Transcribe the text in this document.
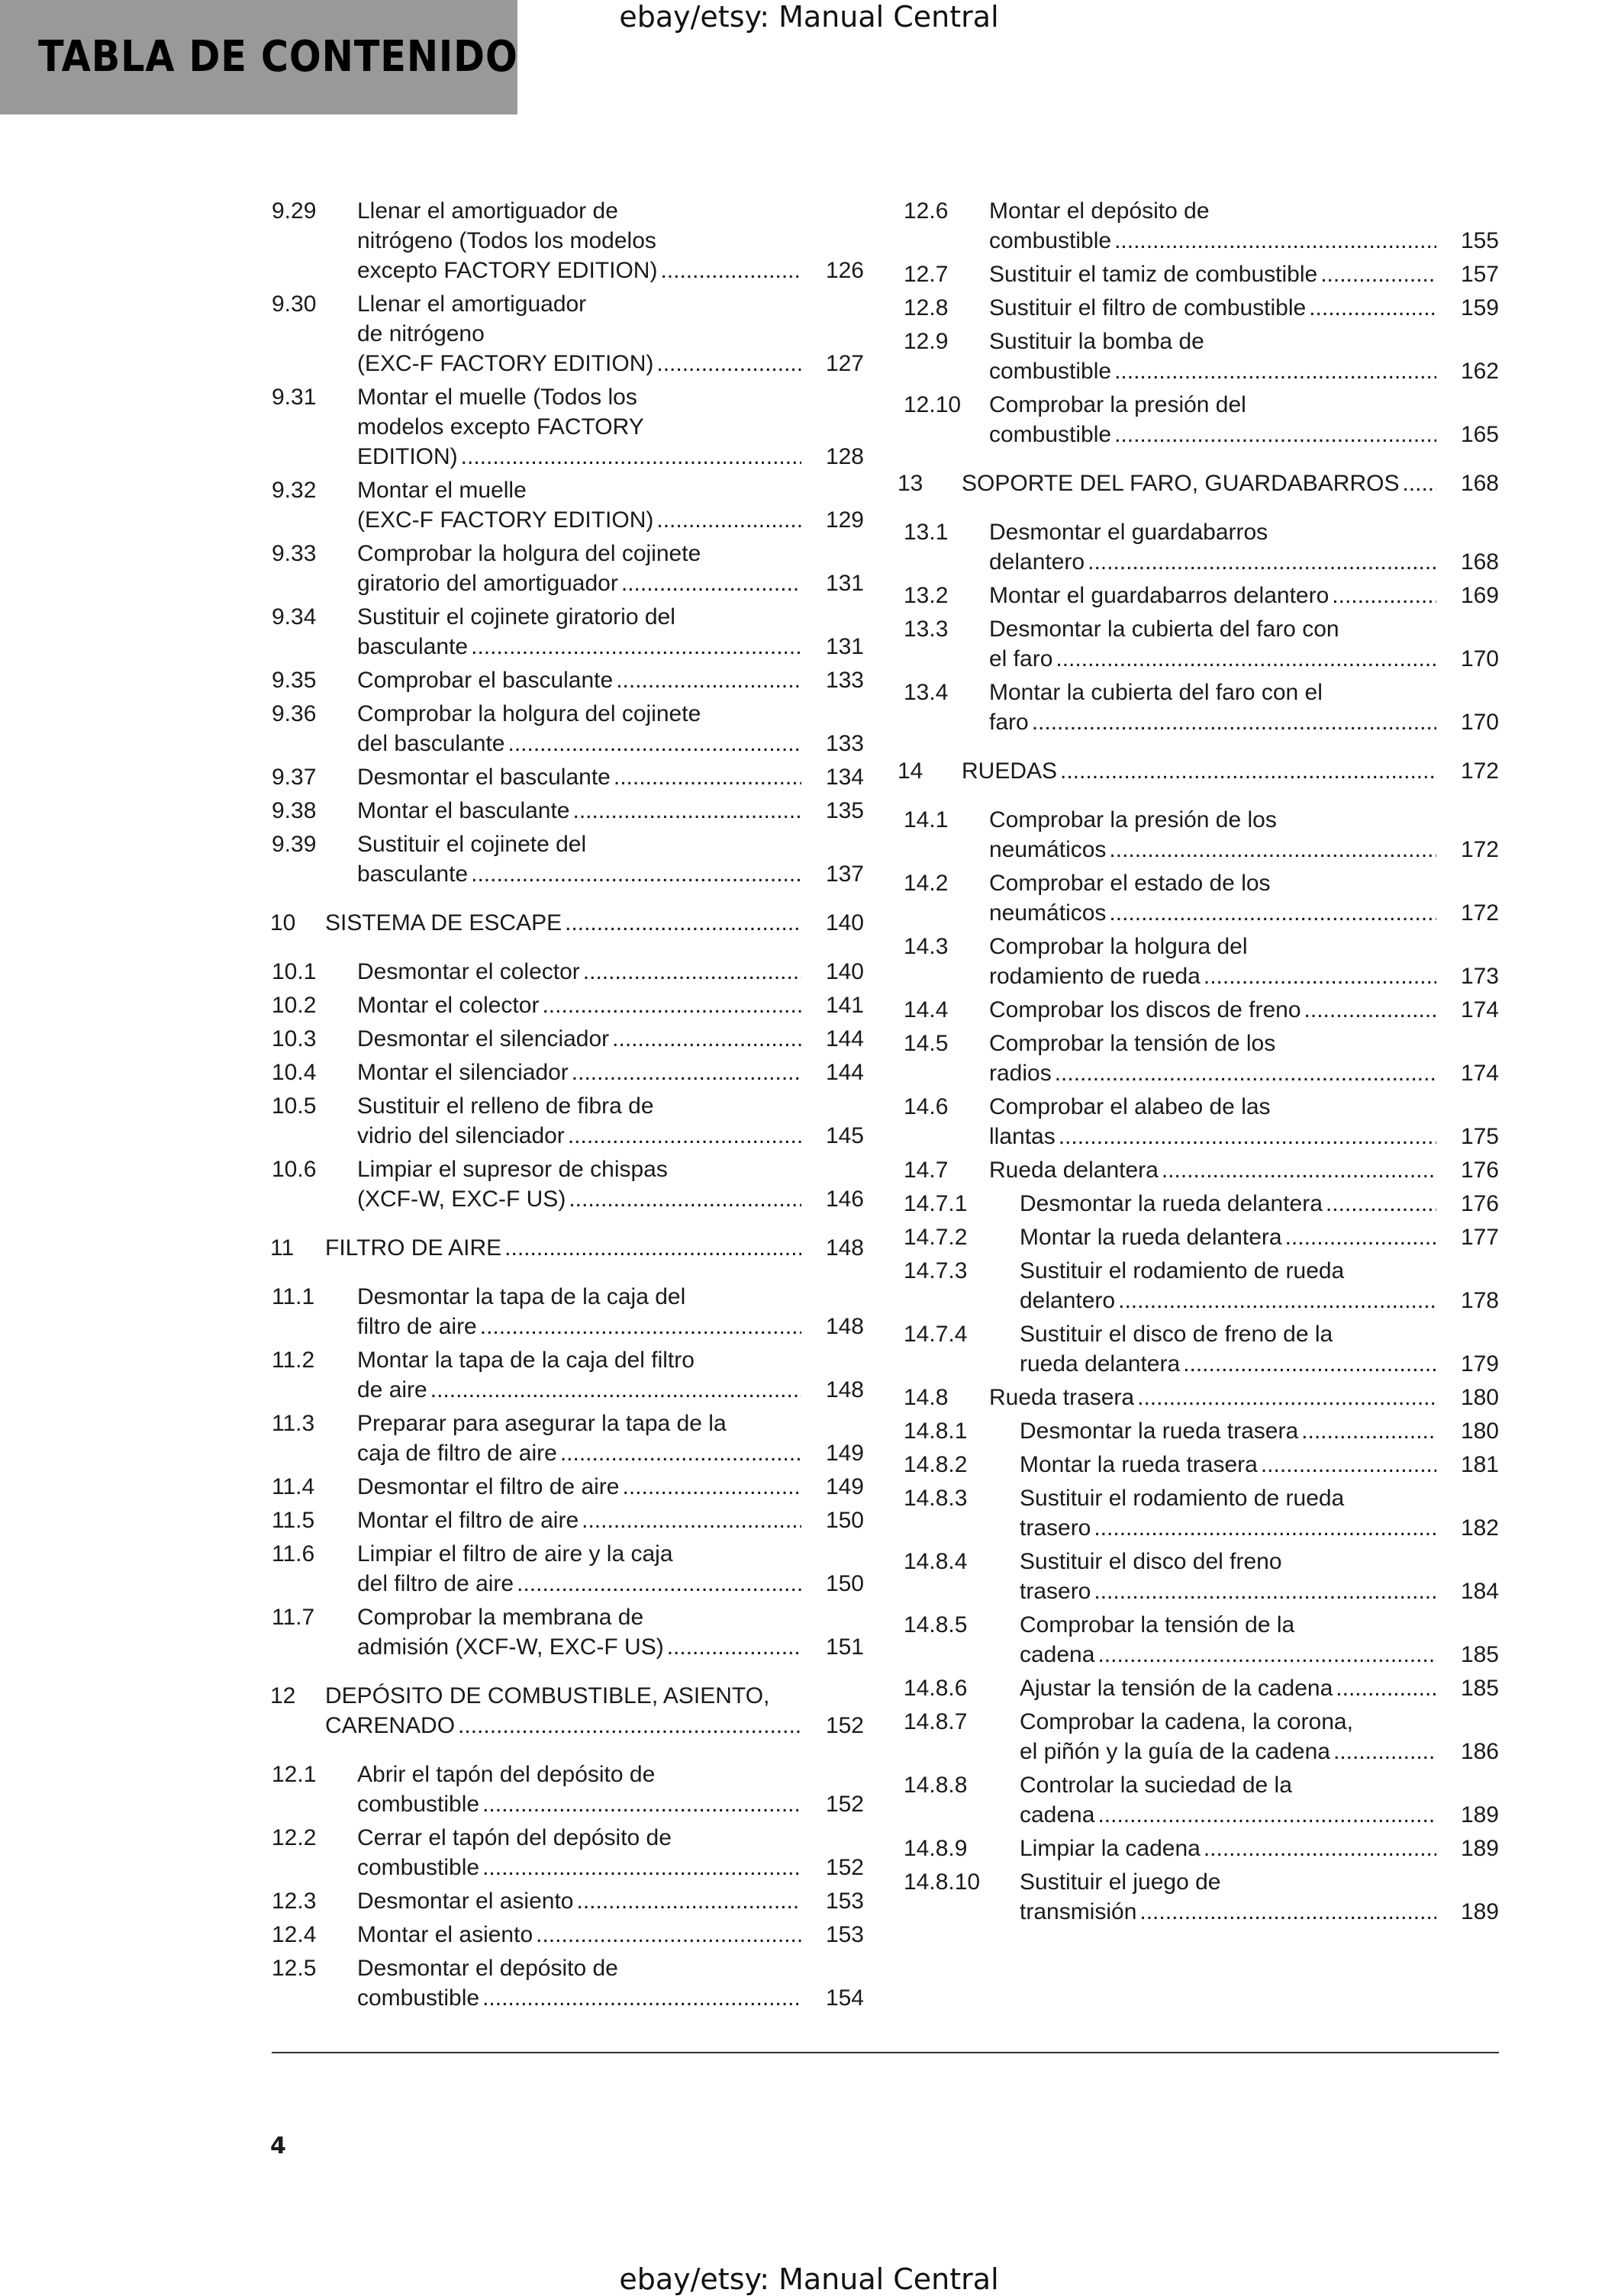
TABLA DE CONTENIDO
ebay/etsy: Manual Central
9.29 Llenar el amortiguador de
nitrógeno (Todos los modelos
excepto FACTORY EDITION) .....	126
9.30 Llenar el amortiguador
de nitrógeno
(EXC-F FACTORY EDITION) .....	127
9.31 Montar el muelle (Todos los
modelos excepto FACTORY
EDITION) .....	128
9.32 Montar el muelle
(EXC-F FACTORY EDITION) .....	129
9.33 Comprobar la holgura del cojinete
giratorio del amortiguador .....	131
9.34 Sustituir el cojinete giratorio del
basculante .....	131
9.35 Comprobar el basculante .....	133
9.36 Comprobar la holgura del cojinete
del basculante .....	133
9.37 Desmontar el basculante .....	134
9.38 Montar el basculante .....	135
9.39 Sustituir el cojinete del
basculante .....	137
10 SISTEMA DE ESCAPE .....	140
10.1 Desmontar el colector .....	140
10.2 Montar el colector .....	141
10.3 Desmontar el silenciador .....	144
10.4 Montar el silenciador .....	144
10.5 Sustituir el relleno de fibra de
vidrio del silenciador .....	145
10.6 Limpiar el supresor de chispas
(XCF-W, EXC-F US) .....	146
11 FILTRO DE AIRE .....	148
11.1 Desmontar la tapa de la caja del
filtro de aire .....	148
11.2 Montar la tapa de la caja del filtro
de aire .....	148
11.3 Preparar para asegurar la tapa de la
caja de filtro de aire .....	149
11.4 Desmontar el filtro de aire .....	149
11.5 Montar el filtro de aire .....	150
11.6 Limpiar el filtro de aire y la caja
del filtro de aire .....	150
11.7 Comprobar la membrana de
admisión (XCF-W, EXC-F US) .....	151
12 DEPÓSITO DE COMBUSTIBLE, ASIENTO,
CARENADO .....	152
12.1 Abrir el tapón del depósito de
combustible .....	152
12.2 Cerrar el tapón del depósito de
combustible .....	152
12.3 Desmontar el asiento .....	153
12.4 Montar el asiento .....	153
12.5 Desmontar el depósito de
combustible .....	154
12.6 Montar el depósito de
combustible .....	155
12.7 Sustituir el tamiz de combustible .....	157
12.8 Sustituir el filtro de combustible .....	159
12.9 Sustituir la bomba de
combustible .....	162
12.10 Comprobar la presión del
combustible .....	165
13 SOPORTE DEL FARO, GUARDABARROS .....	168
13.1 Desmontar el guardabarros
delantero .....	168
13.2 Montar el guardabarros delantero .....	169
13.3 Desmontar la cubierta del faro con
el faro .....	170
13.4 Montar la cubierta del faro con el
faro .....	170
14 RUEDAS .....	172
14.1 Comprobar la presión de los
neumáticos .....	172
14.2 Comprobar el estado de los
neumáticos .....	172
14.3 Comprobar la holgura del
rodamiento de rueda .....	173
14.4 Comprobar los discos de freno .....	174
14.5 Comprobar la tensión de los
radios .....	174
14.6 Comprobar el alabeo de las
llantas .....	175
14.7 Rueda delantera .....	176
14.7.1 Desmontar la rueda delantera .....	176
14.7.2 Montar la rueda delantera .....	177
14.7.3 Sustituir el rodamiento de rueda
delantero .....	178
14.7.4 Sustituir el disco de freno de la
rueda delantera .....	179
14.8 Rueda trasera .....	180
14.8.1 Desmontar la rueda trasera .....	180
14.8.2 Montar la rueda trasera .....	181
14.8.3 Sustituir el rodamiento de rueda
trasero .....	182
14.8.4 Sustituir el disco del freno
trasero .....	184
14.8.5 Comprobar la tensión de la
cadena .....	185
14.8.6 Ajustar la tensión de la cadena .....	185
14.8.7 Comprobar la cadena, la corona,
el piñón y la guía de la cadena .....	186
14.8.8 Controlar la suciedad de la
cadena .....	189
14.8.9 Limpiar la cadena .....	189
14.8.10 Sustituir el juego de
transmisión .....	189
4
ebay/etsy: Manual Central
